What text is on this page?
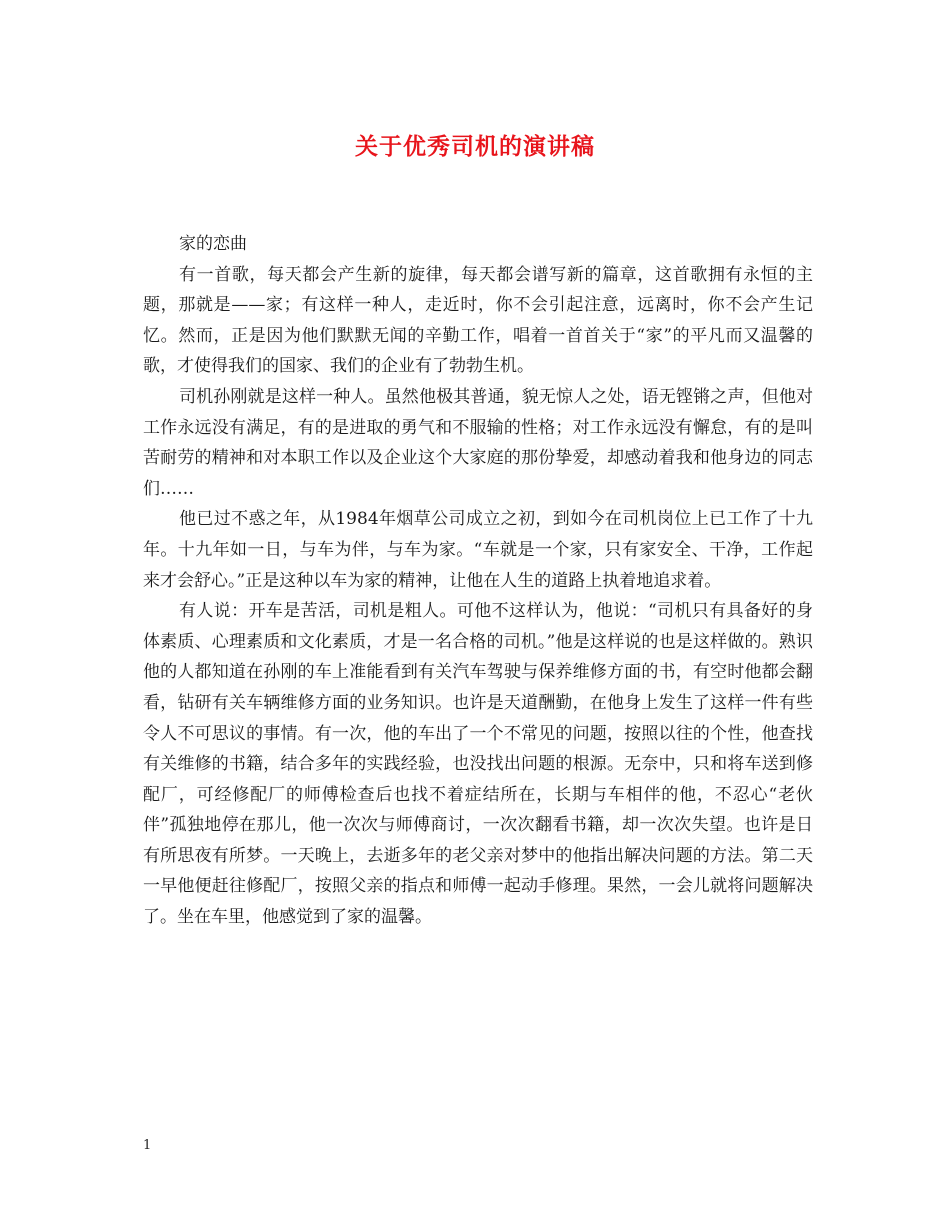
关于优秀司机的演讲稿

家的恋曲

有一首歌，每天都会产生新的旋律，每天都会谱写新的篇章，这首歌拥有永恒的主题，那就是——家；有这样一种人，走近时，你不会引起注意，远离时，你不会产生记忆。然而，正是因为他们默默无闻的辛勤工作，唱着一首首关于“家”的平凡而又温馨的歌，才使得我们的国家、我们的企业有了勃勃生机。

司机孙刚就是这样一种人。虽然他极其普通，貌无惊人之处，语无铿锵之声，但他对工作永远没有满足，有的是进取的勇气和不服输的性格；对工作永远没有懈怠，有的是叫苦耐劳的精神和对本职工作以及企业这个大家庭的那份挚爱，却感动着我和他身边的同志们……

他已过不惑之年，从1984年烟草公司成立之初，到如今在司机岗位上已工作了十九年。十九年如一日，与车为伴，与车为家。“车就是一个家，只有家安全、干净，工作起来才会舒心。”正是这种以车为家的精神，让他在人生的道路上执着地追求着。

有人说：开车是苦活，司机是粗人。可他不这样认为，他说：“司机只有具备好的身体素质、心理素质和文化素质，才是一名合格的司机。”他是这样说的也是这样做的。熟识他的人都知道在孙刚的车上准能看到有关汽车驾驶与保养维修方面的书，有空时他都会翻看，钻研有关车辆维修方面的业务知识。也许是天道酬勤，在他身上发生了这样一件有些令人不可思议的事情。有一次，他的车出了一个不常见的问题，按照以往的个性，他查找有关维修的书籍，结合多年的实践经验，也没找出问题的根源。无奈中，只和将车送到修配厂，可经修配厂的师傅检查后也找不着症结所在，长期与车相伴的他，不忍心“老伙伴”孤独地停在那儿，他一次次与师傅商讨，一次次翻看书籍，却一次次失望。也许是日有所思夜有所梦。一天晚上，去逝多年的老父亲对梦中的他指出解决问题的方法。第二天一早他便赶往修配厂，按照父亲的指点和师傅一起动手修理。果然，一会儿就将问题解决了。坐在车里，他感觉到了家的温馨。

1
